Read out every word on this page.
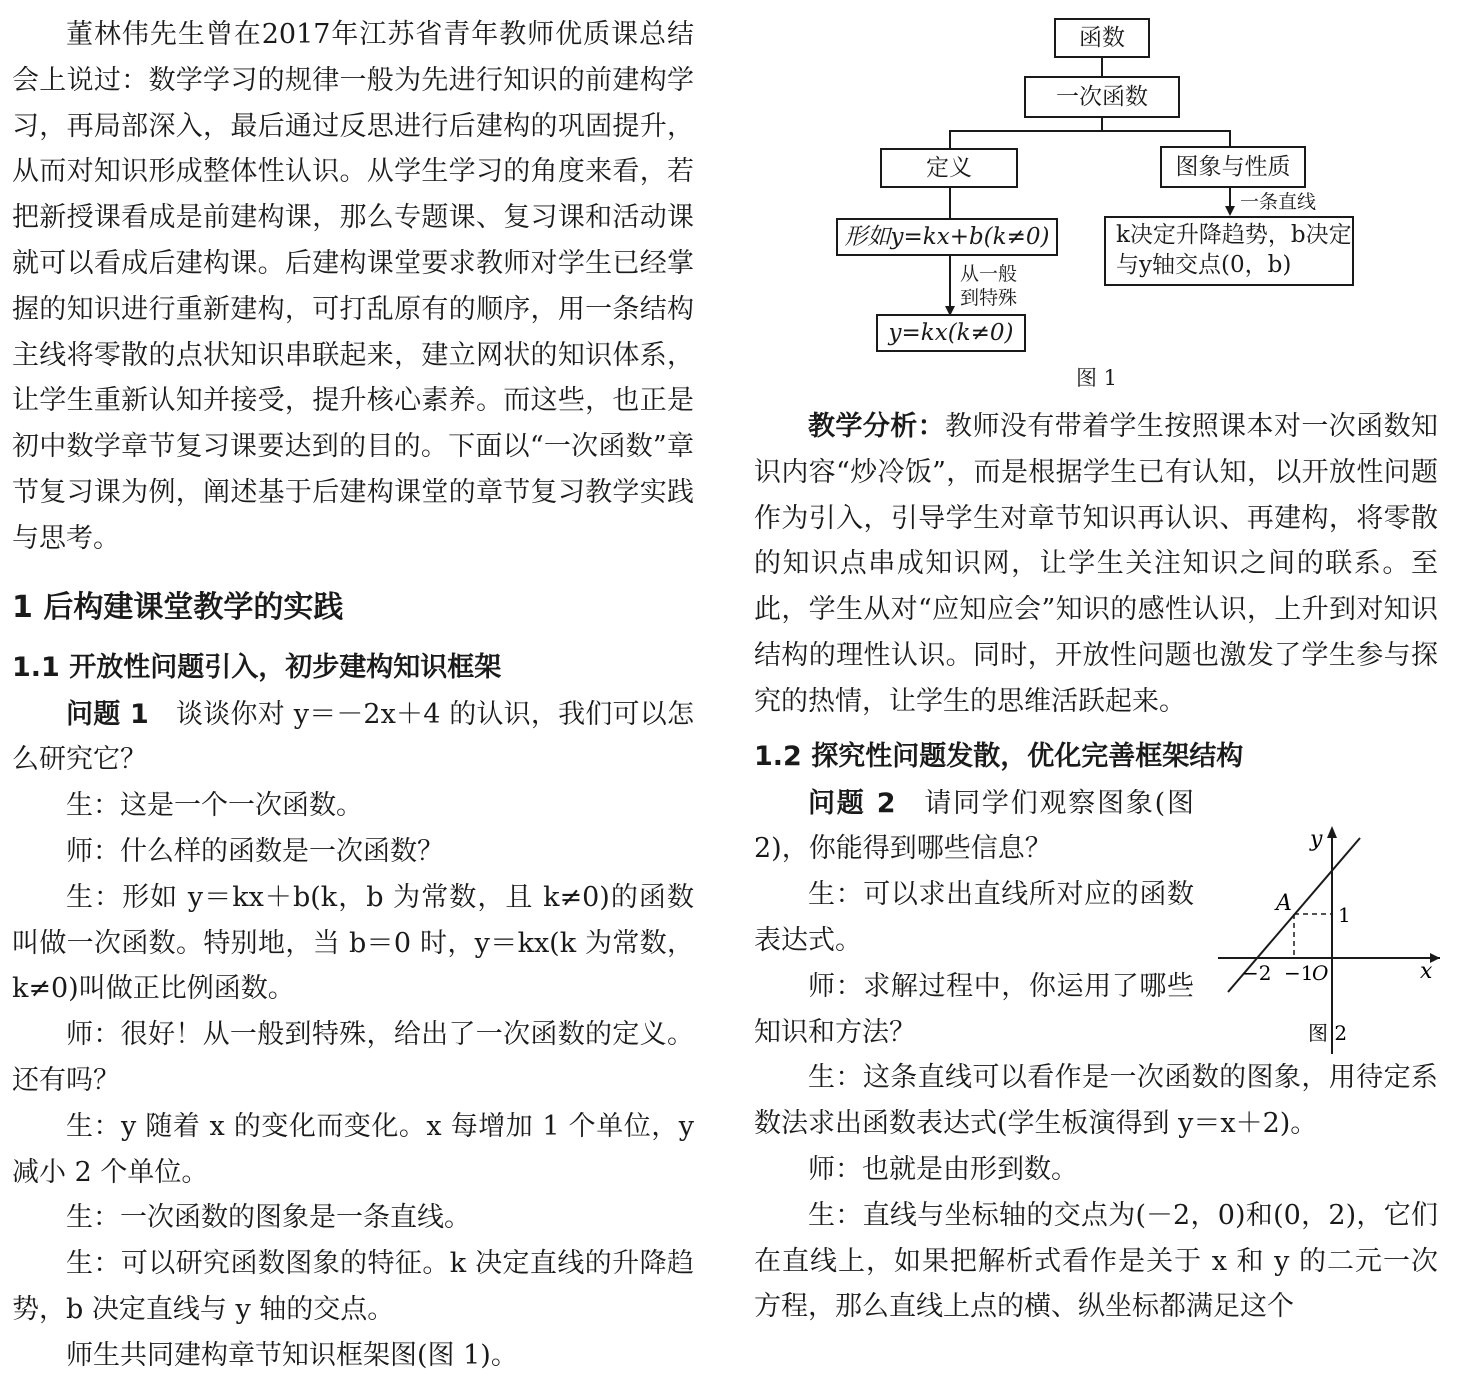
董林伟先生曾在2017年江苏省青年教师优质课总结会上说过：数学学习的规律一般为先进行知识的前建构学习，再局部深入，最后通过反思进行后建构的巩固提升，从而对知识形成整体性认识。从学生学习的角度来看，若把新授课看成是前建构课，那么专题课、复习课和活动课就可以看成后建构课。后建构课堂要求教师对学生已经掌握的知识进行重新建构，可打乱原有的顺序，用一条结构主线将零散的点状知识串联起来，建立网状的知识体系，让学生重新认知并接受，提升核心素养。而这些，也正是初中数学章节复习课要达到的目的。下面以“一次函数”章节复习课为例，阐述基于后建构课堂的章节复习教学实践与思考。

1 后构建课堂教学的实践
1.1 开放性问题引入，初步建构知识框架

问题 1 谈谈你对 y＝－2x＋4 的认识，我们可以怎么研究它？

生：这是一个一次函数。

师：什么样的函数是一次函数？

生：形如 y＝kx＋b(k，b 为常数，且 k≠0)的函数叫做一次函数。特别地，当 b＝0 时，y＝kx(k 为常数，k≠0)叫做正比例函数。

师：很好！从一般到特殊，给出了一次函数的定义。还有吗？

生：y 随着 x 的变化而变化。x 每增加 1 个单位，y 减小 2 个单位。

生：一次函数的图象是一条直线。

生：可以研究函数图象的特征。k 决定直线的升降趋势，b 决定直线与 y 轴的交点。

师生共同建构章节知识框架图(图 1)。

函数
一次函数
定义	图象与性质
形如y=kx+b(k≠0)
从一般
到特殊
y=kx(k≠0)
一条直线
k决定升降趋势，b决定
与y轴交点(0，b)
图 1

教学分析：教师没有带着学生按照课本对一次函数知识内容“炒冷饭”，而是根据学生已有认知，以开放性问题作为引入，引导学生对章节知识再认识、再建构，将零散的知识点串成知识网，让学生关注知识之间的联系。至此，学生从对“应知应会”知识的感性认识，上升到对知识结构的理性认识。同时，开放性问题也激发了学生参与探究的热情，让学生的思维活跃起来。

1.2 探究性问题发散，优化完善框架结构

问题 2 请同学们观察图象(图 2)，你能得到哪些信息？

生：可以求出直线所对应的函数表达式。

师：求解过程中，你运用了哪些知识和方法？

生：这条直线可以看作是一次函数的图象，用待定系数法求出函数表达式(学生板演得到 y＝x＋2)。

师：也就是由形到数。

生：直线与坐标轴的交点为(－2，0)和(0，2)，它们在直线上，如果把解析式看作是关于 x 和 y 的二元一次方程，那么直线上点的横、纵坐标都满足这个

y
x
A 1
−2 −1
O
图 2
